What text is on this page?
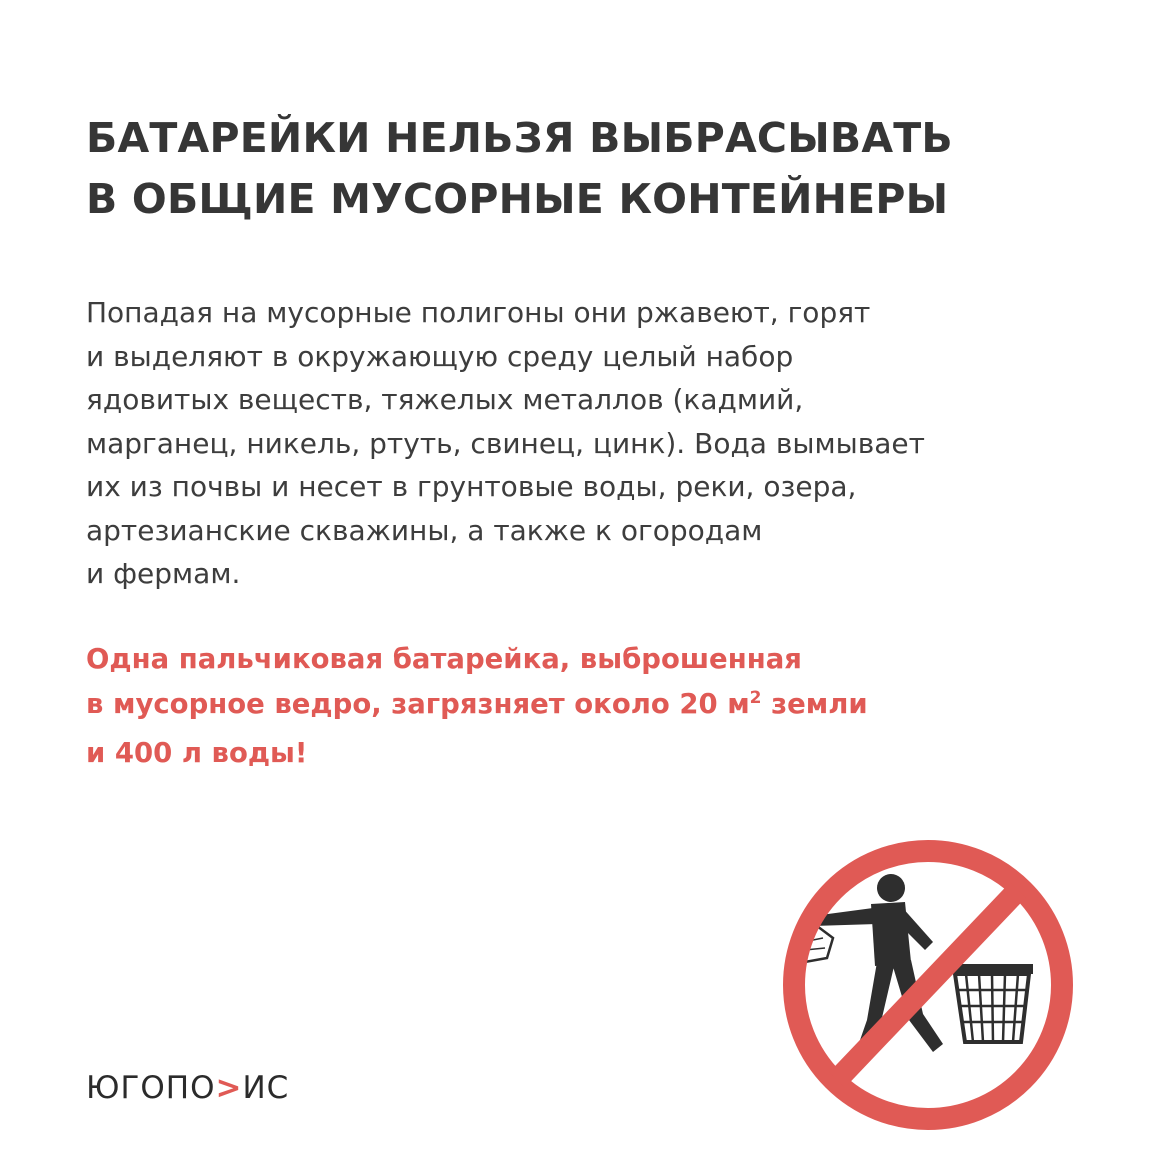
БАТАРЕЙКИ НЕЛЬЗЯ ВЫБРАСЫВАТЬ
В ОБЩИЕ МУСОРНЫЕ КОНТЕЙНЕРЫ
Попадая на мусорные полигоны они ржавеют, горят
и выделяют в окружающую среду целый набор
ядовитых веществ, тяжелых металлов (кадмий,
марганец, никель, ртуть, свинец, цинк). Вода вымывает
их из почвы и несет в грунтовые воды, реки, озера,
артезианские скважины, а также к огородам
и фермам.
Одна пальчиковая батарейка, выброшенная
в мусорное ведро, загрязняет около 20 $м^2$ земли
и 400 л воды!
ЮГОПО>ИС
